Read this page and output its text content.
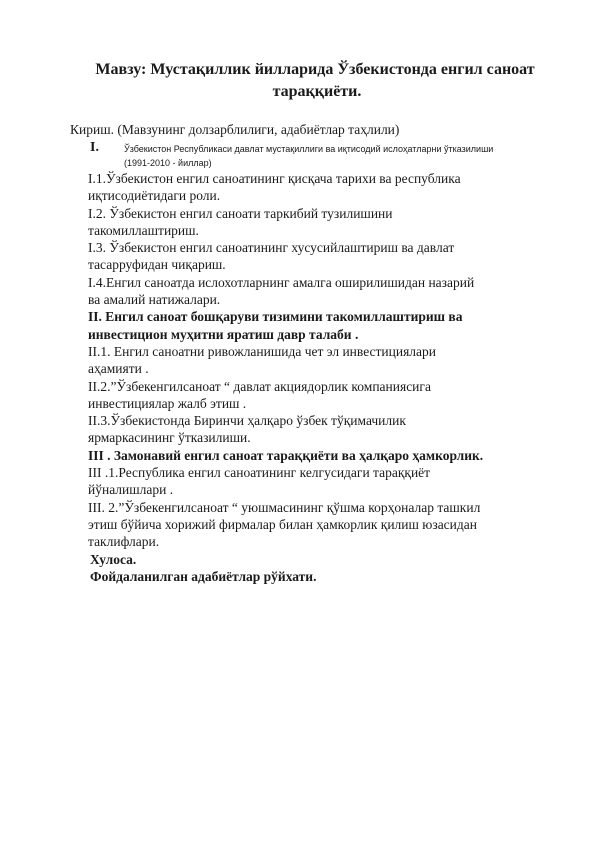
Мавзу: Мустақиллик йилларида Ўзбекистонда енгил саноат
тараққиёти.
Кириш. (Мавзунинг долзарблилиги, адабиётлар таҳлили)
I.	Ўзбекистон Республикаси давлат мустақиллиги ва иқтисодий ислоҳатларни ўтказилиши

(1991-2010 - йиллар)

I.1.Ўзбекистон енгил саноатининг қисқача тарихи ва республика

иқтисодиётидаги роли.

I.2. Ўзбекистон енгил саноати таркибий тузилишини

такомиллаштириш.

I.3. Ўзбекистон енгил саноатининг хусусийлаштириш ва давлат

тасарруфидан чиқариш.

I.4.Енгил саноатда ислохотларнинг амалга оширилишидан назарий

ва амалий натижалари.

II. Енгил саноат бошқаруви тизимини такомиллаштириш ва

инвестицион муҳитни яратиш давр талаби .

II.1. Енгил саноатни ривожланишида чет эл инвестициялари

аҳамияти .

II.2.”Ўзбекенгилсаноат “ давлат акциядорлик компаниясига

инвестициялар жалб этиш .

II.3.Ўзбекистонда Биринчи ҳалқаро ўзбек тўқимачилик

ярмаркасининг ўтказилиши.

III . Замонавий енгил саноат тараққиёти ва ҳалқаро ҳамкорлик.

III .1.Республика енгил саноатининг келгусидаги тараққиёт

йўналишлари .

III. 2.”Ўзбекенгилсаноат “ уюшмасининг қўшма корҳоналар ташкил

этиш бўйича хорижий фирмалар билан ҳамкорлик қилиш юзасидан

таклифлари.

Хулоса.

Фойдаланилган адабиётлар рўйхати.
